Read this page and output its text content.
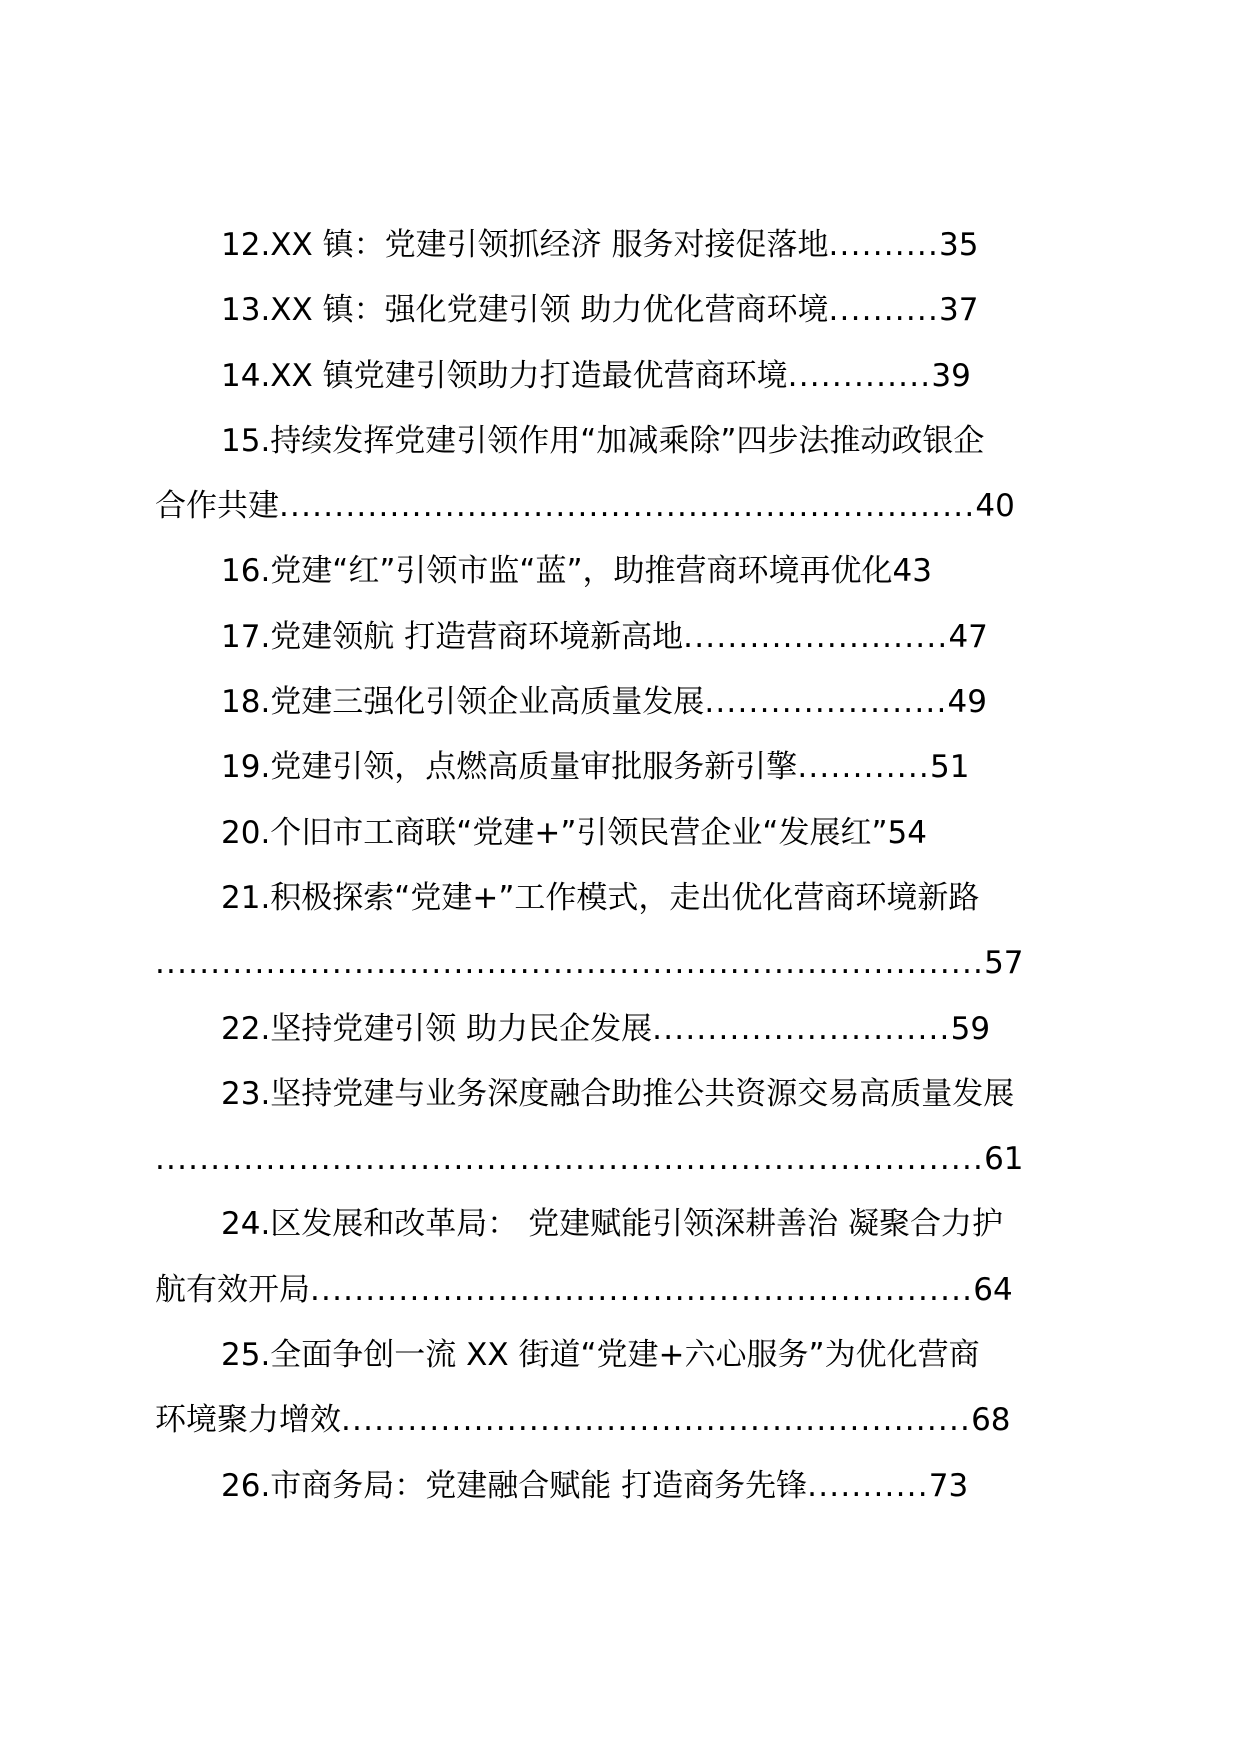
12.XX 镇：党建引领抓经济 服务对接促落地..........35
13.XX 镇：强化党建引领 助力优化营商环境..........37
14.XX 镇党建引领助力打造最优营商环境.............39
15.持续发挥党建引领作用“加减乘除”四步法推动政银企
合作共建...............................................................40
16.党建“红”引领市监“蓝”，助推营商环境再优化43
17.党建领航 打造营商环境新高地........................47
18.党建三强化引领企业高质量发展......................49
19.党建引领，点燃高质量审批服务新引擎............51
20.个旧市工商联“党建+”引领民营企业“发展红”54
21.积极探索“党建+”工作模式，走出优化营商环境新路
...........................................................................57
22.坚持党建引领 助力民企发展...........................59
23.坚持党建与业务深度融合助推公共资源交易高质量发展
...........................................................................61
24.区发展和改革局： 党建赋能引领深耕善治 凝聚合力护
航有效开局............................................................64
25.全面争创一流 XX 街道“党建+六心服务”为优化营商
环境聚力增效.........................................................68
26.市商务局：党建融合赋能 打造商务先锋...........73
